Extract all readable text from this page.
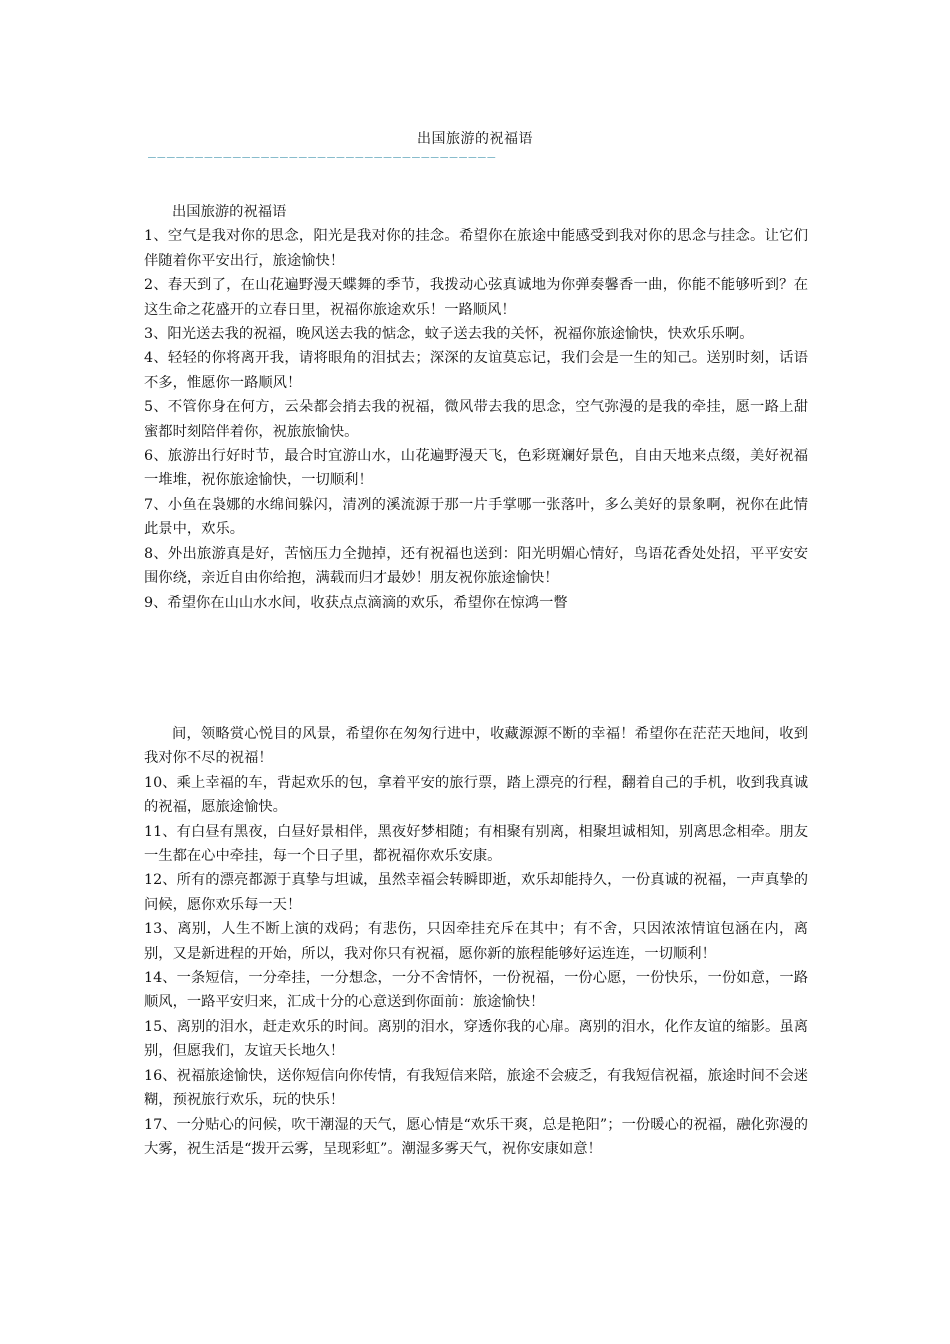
出国旅游的祝福语
—————————————————————————————————————

出国旅游的祝福语

1、空气是我对你的思念，阳光是我对你的挂念。希望你在旅途中能感受到我对你的思念与挂念。让它们伴随着你平安出行，旅途愉快！

2、春天到了，在山花遍野漫天蝶舞的季节，我拨动心弦真诚地为你弹奏馨香一曲，你能不能够听到？在这生命之花盛开的立春日里，祝福你旅途欢乐！一路顺风！

3、阳光送去我的祝福，晚风送去我的惦念，蚊子送去我的关怀，祝福你旅途愉快，快欢乐乐啊。

4、轻轻的你将离开我，请将眼角的泪拭去；深深的友谊莫忘记，我们会是一生的知己。送别时刻，话语不多，惟愿你一路顺风！

5、不管你身在何方，云朵都会捎去我的祝福，微风带去我的思念，空气弥漫的是我的牵挂，愿一路上甜蜜都时刻陪伴着你，祝旅旅愉快。

6、旅游出行好时节，最合时宜游山水，山花遍野漫天飞，色彩斑斓好景色，自由天地来点缀，美好祝福一堆堆，祝你旅途愉快，一切顺利！

7、小鱼在袅娜的水绵间躲闪，清冽的溪流源于那一片手掌哪一张落叶，多么美好的景象啊，祝你在此情此景中，欢乐。

8、外出旅游真是好，苦恼压力全抛掉，还有祝福也送到：阳光明媚心情好，鸟语花香处处招，平平安安围你绕，亲近自由你给抱，满载而归才最妙！朋友祝你旅途愉快！

9、希望你在山山水水间，收获点点滴滴的欢乐，希望你在惊鸿一瞥

间，领略赏心悦目的风景，希望你在匆匆行进中，收藏源源不断的幸福！希望你在茫茫天地间，收到我对你不尽的祝福！

10、乘上幸福的车，背起欢乐的包，拿着平安的旅行票，踏上漂亮的行程，翻着自己的手机，收到我真诚的祝福，愿旅途愉快。

11、有白昼有黑夜，白昼好景相伴，黑夜好梦相随；有相聚有别离，相聚坦诚相知，别离思念相牵。朋友一生都在心中牵挂，每一个日子里，都祝福你欢乐安康。

12、所有的漂亮都源于真挚与坦诚，虽然幸福会转瞬即逝，欢乐却能持久，一份真诚的祝福，一声真挚的问候，愿你欢乐每一天！

13、离别，人生不断上演的戏码；有悲伤，只因牵挂充斥在其中；有不舍，只因浓浓情谊包涵在内，离别，又是新进程的开始，所以，我对你只有祝福，愿你新的旅程能够好运连连，一切顺利！

14、一条短信，一分牵挂，一分想念，一分不舍情怀，一份祝福，一份心愿，一份快乐，一份如意，一路顺风，一路平安归来，汇成十分的心意送到你面前：旅途愉快！

15、离别的泪水，赶走欢乐的时间。离别的泪水，穿透你我的心扉。离别的泪水，化作友谊的缩影。虽离别，但愿我们，友谊天长地久！

16、祝福旅途愉快，送你短信向你传情，有我短信来陪，旅途不会疲乏，有我短信祝福，旅途时间不会迷糊，预祝旅行欢乐，玩的快乐！

17、一分贴心的问候，吹干潮湿的天气，愿心情是“欢乐干爽，总是艳阳”；一份暖心的祝福，融化弥漫的大雾，祝生活是“拨开云雾，呈现彩虹”。潮湿多雾天气，祝你安康如意！
